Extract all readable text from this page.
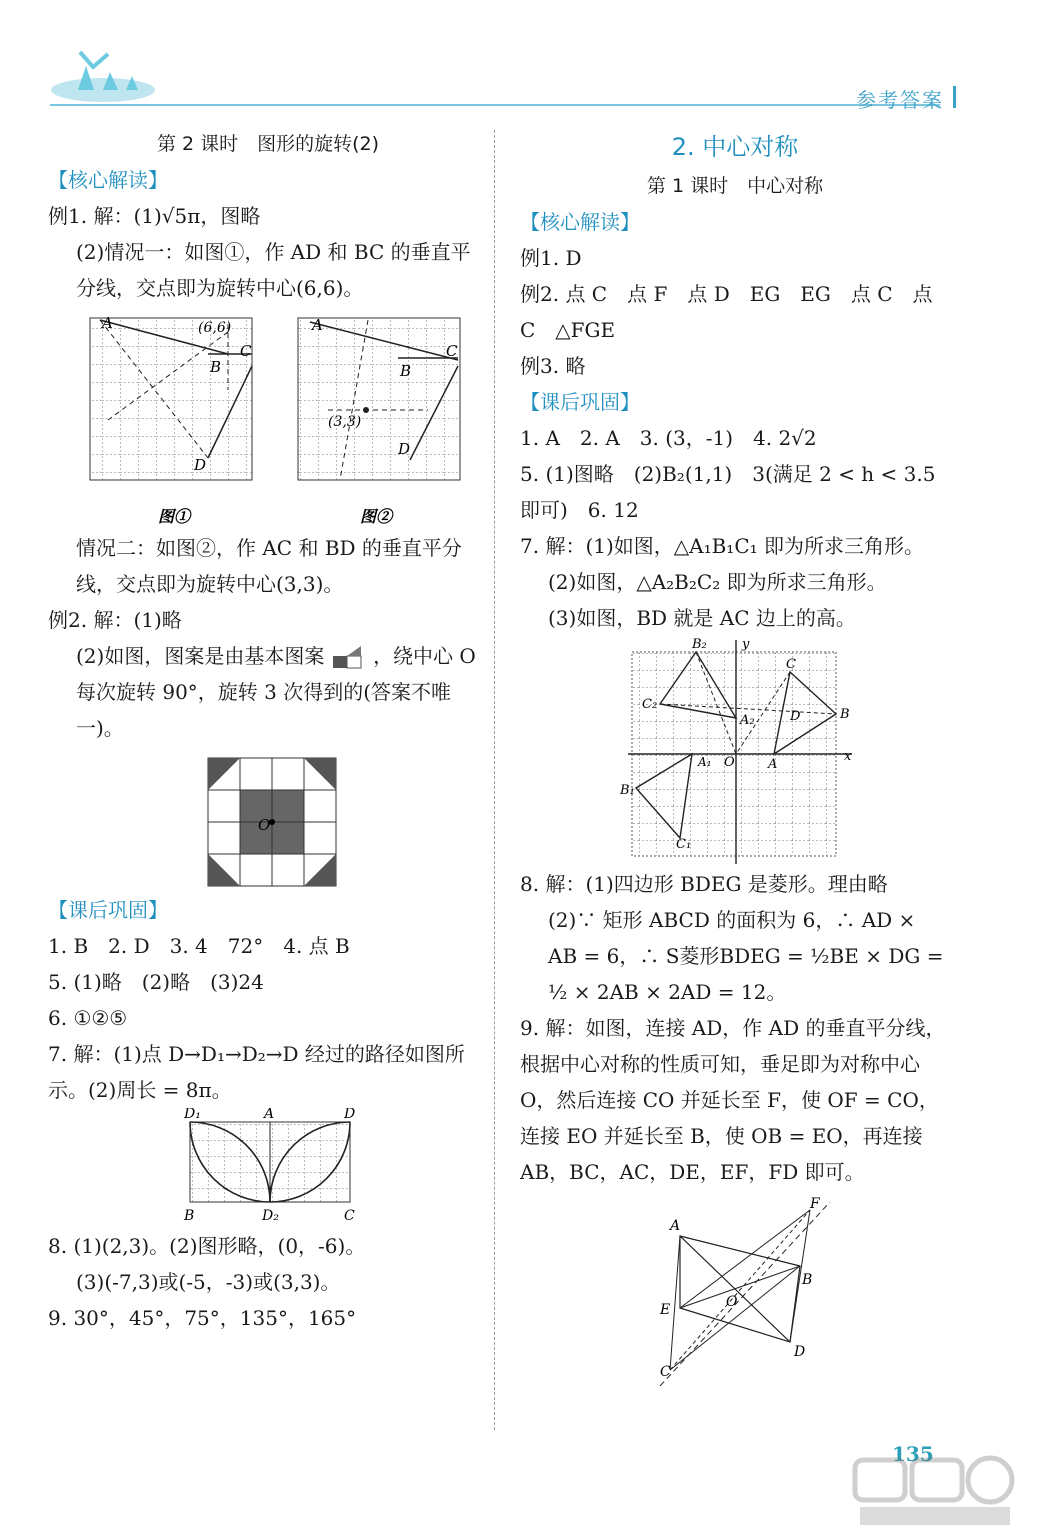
参考答案
第 2 课时　图形的旋转(2)
【核心解读】

例1. 解：(1)√5π，图略

(2)情况一：如图①，作 AD 和 BC 的垂直平分线，交点即为旋转中心(6,6)。

A	(6,6)
B
C
D
A
B
C
(3,3)
D
图①	图②

情况二：如图②，作 AC 和 BD 的垂直平分线，交点即为旋转中心(3,3)。

例2. 解：(1)略

(2)如图，图案是由基本图案 ，绕中心 O 每次旋转 90°，旋转 3 次得到的(答案不唯一)。

O
【课后巩固】

1. B　2. D　3. 4　72°　4. 点 B

5. (1)略　(2)略　(3)24

6. ①②⑤

7. 解：(1)点 D→D₁→D₂→D 经过的路径如图所示。(2)周长 = 8π。

D₁	A	D
B	D₂	C

8. (1)(2,3)。(2)图形略，(0，-6)。

(3)(-7,3)或(-5，-3)或(3,3)。

9. 30°，45°，75°，135°，165°

2. 中心对称
第 1 课时　中心对称
【核心解读】

例1. D

例2. 点 C　点 F　点 D　EG　EG　点 C　点 C　△FGE

例3. 略

【课后巩固】

1. A　2. A　3. (3，-1)　4. 2√2

5. (1)图略　(2)B₂(1,1)　3(满足 2 < h < 3.5 即可)　6. 12

7. 解：(1)如图，△A₁B₁C₁ 即为所求三角形。

(2)如图，△A₂B₂C₂ 即为所求三角形。

(3)如图，BD 就是 AC 边上的高。

B₂	y
C
C₂
A₂	D	B
A₁ O	A
x
B₁
C₁

8. 解：(1)四边形 BDEG 是菱形。理由略

(2)∵ 矩形 ABCD 的面积为 6，∴ AD × AB = 6，∴ S菱形BDEG = ½BE × DG = ½ × 2AB × 2AD = 12。

9. 解：如图，连接 AD，作 AD 的垂直平分线，根据中心对称的性质可知，垂足即为对称中心 O，然后连接 CO 并延长至 F，使 OF = CO，连接 EO 并延长至 B，使 OB = EO，再连接 AB，BC，AC，DE，EF，FD 即可。

F
A
E	O
B
C
D
135
